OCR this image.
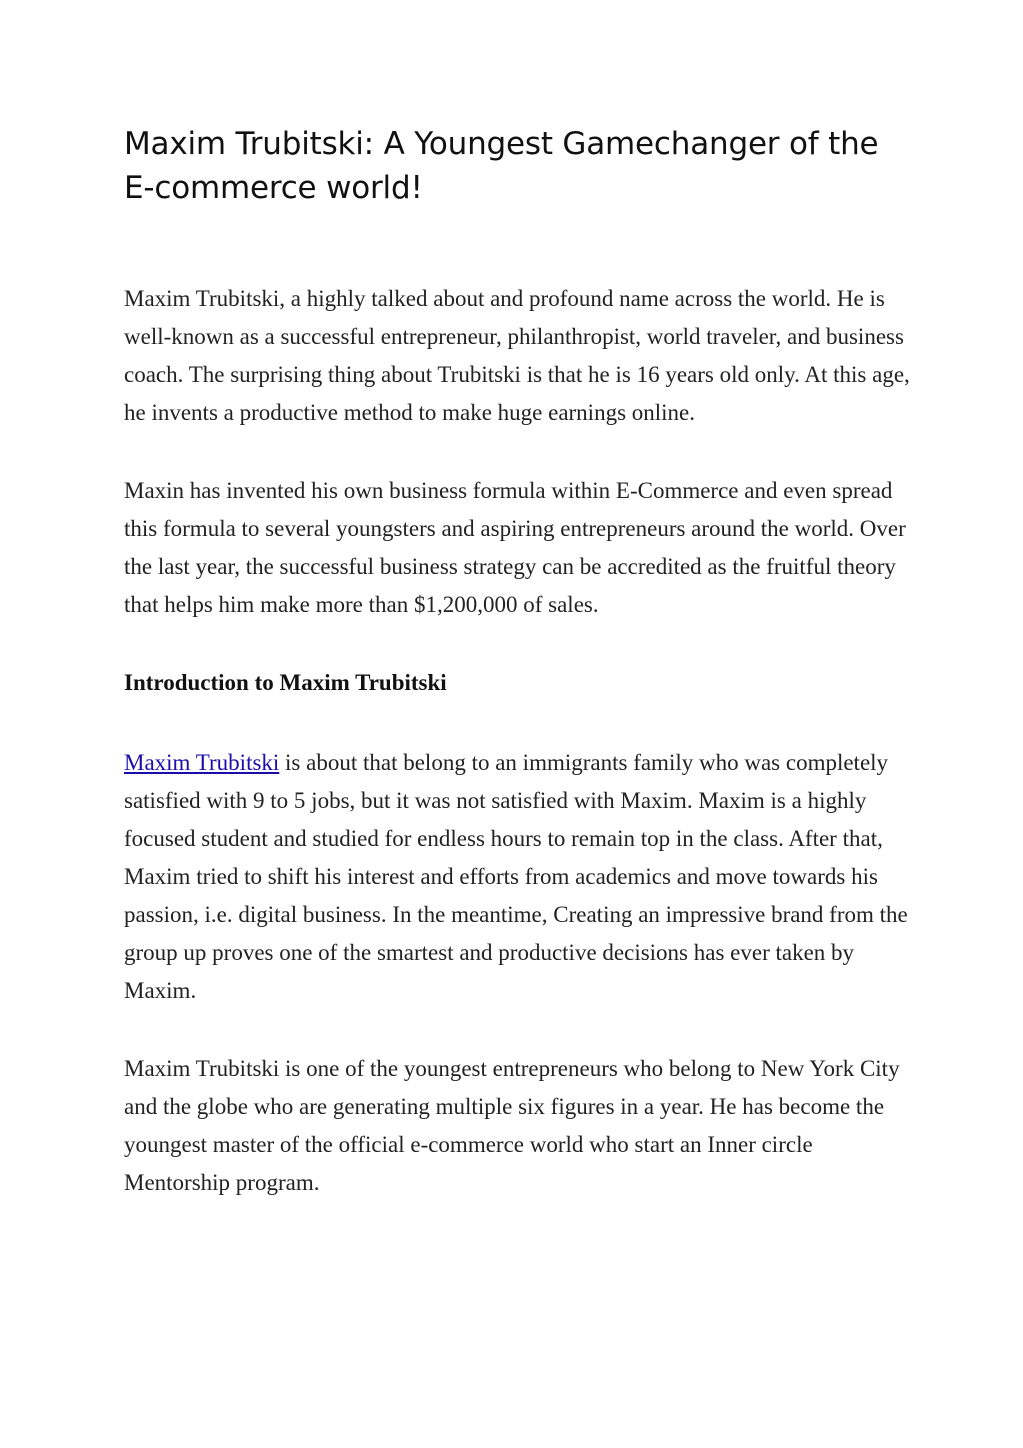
Maxim Trubitski: A Youngest Gamechanger of the E-commerce world!

Maxim Trubitski, a highly talked about and profound name across the world. He is well-known as a successful entrepreneur, philanthropist, world traveler, and business coach. The surprising thing about Trubitski is that he is 16 years old only. At this age, he invents a productive method to make huge earnings online.

Maxin has invented his own business formula within E-Commerce and even spread this formula to several youngsters and aspiring entrepreneurs around the world. Over the last year, the successful business strategy can be accredited as the fruitful theory that helps him make more than $1,200,000 of sales.

Introduction to Maxim Trubitski

Maxim Trubitski is about that belong to an immigrants family who was completely satisfied with 9 to 5 jobs, but it was not satisfied with Maxim. Maxim is a highly focused student and studied for endless hours to remain top in the class. After that, Maxim tried to shift his interest and efforts from academics and move towards his passion, i.e. digital business. In the meantime, Creating an impressive brand from the group up proves one of the smartest and productive decisions has ever taken by Maxim.

Maxim Trubitski is one of the youngest entrepreneurs who belong to New York City and the globe who are generating multiple six figures in a year. He has become the youngest master of the official e-commerce world who start an Inner circle Mentorship program.
